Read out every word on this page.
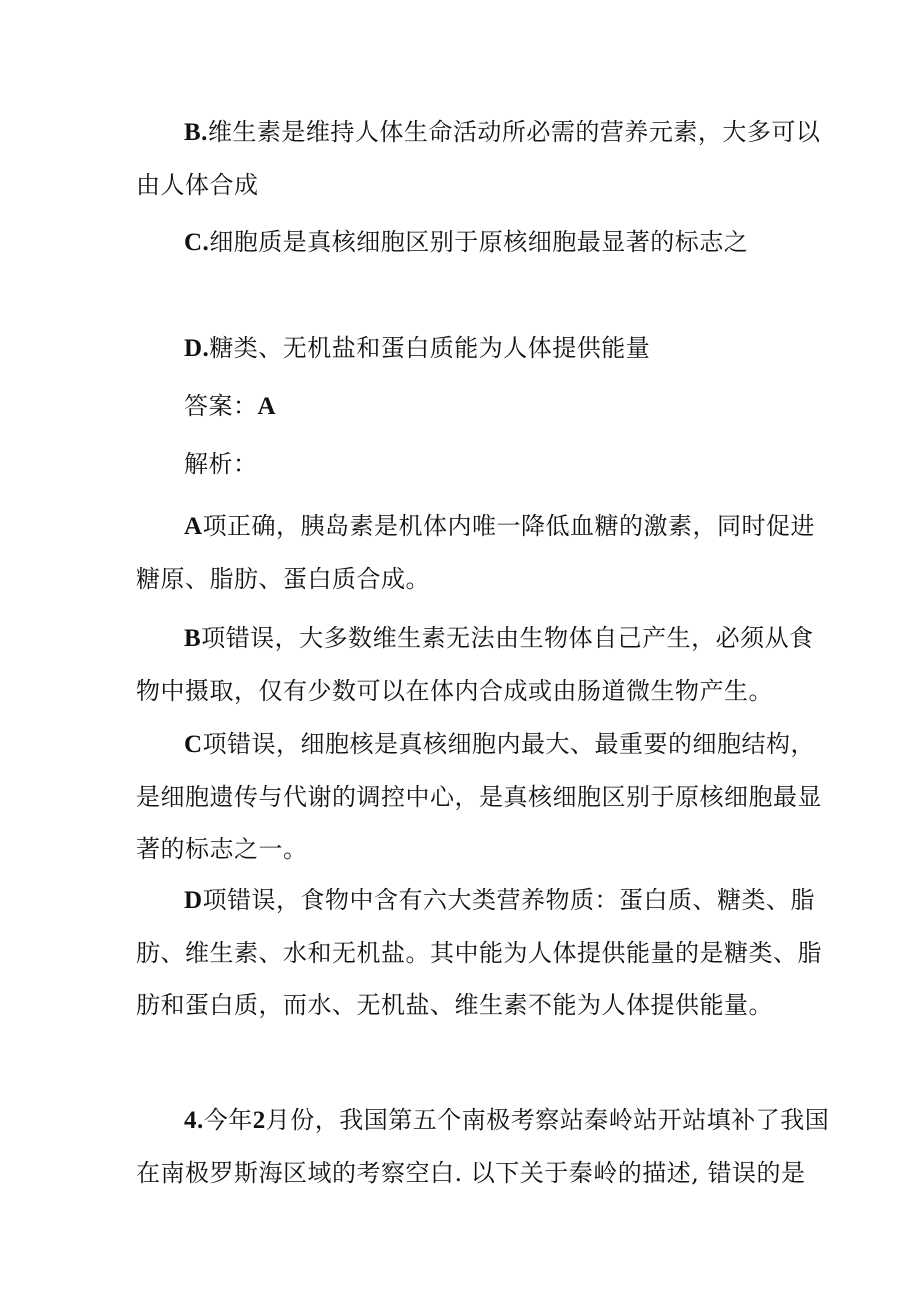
B.维生素是维持人体生命活动所必需的营养元素，大多可以
由人体合成

C.细胞质是真核细胞区别于原核细胞最显著的标志之

D.糖类、无机盐和蛋白质能为人体提供能量

答案：A

解析：

A项正确，胰岛素是机体内唯一降低血糖的激素，同时促进
糖原、脂肪、蛋白质合成。

B项错误，大多数维生素无法由生物体自己产生，必须从食
物中摄取，仅有少数可以在体内合成或由肠道微生物产生。

C项错误，细胞核是真核细胞内最大、最重要的细胞结构，
是细胞遗传与代谢的调控中心，是真核细胞区别于原核细胞最显
著的标志之一。

D项错误，食物中含有六大类营养物质：蛋白质、糖类、脂
肪、维生素、水和无机盐。其中能为人体提供能量的是糖类、脂
肪和蛋白质，而水、无机盐、维生素不能为人体提供能量。

4.今年2月份，我国第五个南极考察站秦岭站开站填补了我国
在南极罗斯海区域的考察空白. 以下关于秦岭的描述, 错误的是
